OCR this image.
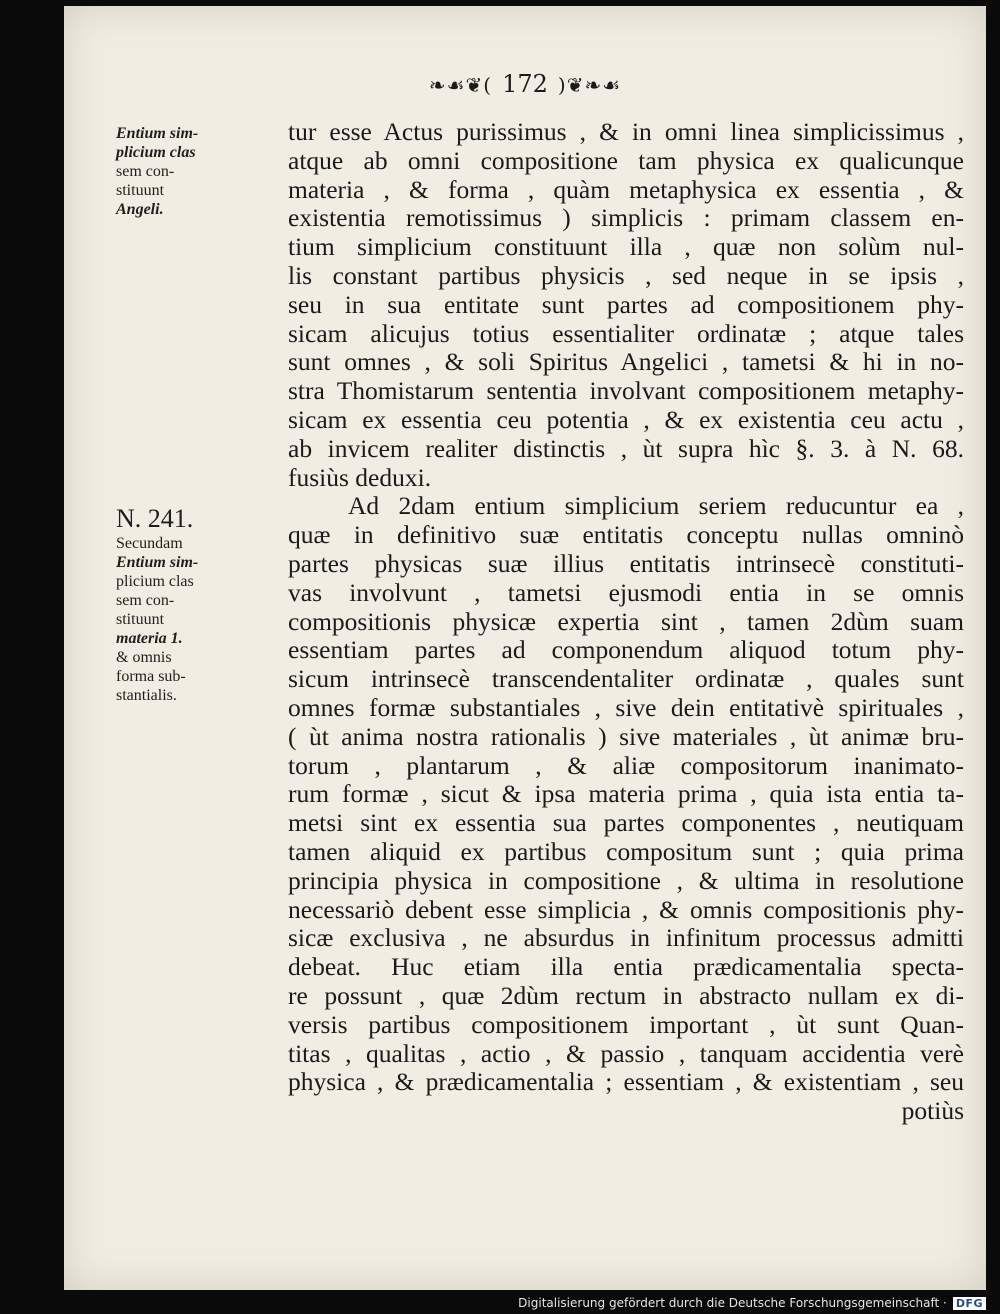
❧☙❦( 172 )❦❧☙
Entium sim-
plicium clas
sem con-
stituunt
Angeli.
N. 241.
Secundam
Entium sim-
plicium clas
sem con-
stituunt
materia 1.
& omnis
forma sub-
stantialis.
tur esse Actus purissimus , & in omni linea simplicissimus ,
atque ab omni compositione tam physica ex qualicunque
materia , & forma , quàm metaphysica ex essentia , &
existentia remotissimus ) simplicis : primam classem en-
tium simplicium constituunt illa , quæ non solùm nul-
lis constant partibus physicis , sed neque in se ipsis ,
seu in sua entitate sunt partes ad compositionem phy-
sicam alicujus totius essentialiter ordinatæ ; atque tales
sunt omnes , & soli Spiritus Angelici , tametsi & hi in no-
stra Thomistarum sententia involvant compositionem metaphy-
sicam ex essentia ceu potentia , & ex existentia ceu actu ,
ab invicem realiter distinctis , ùt supra hìc §. 3. à N. 68.
fusiùs deduxi.
Ad 2dam entium simplicium seriem reducuntur ea ,
quæ in definitivo suæ entitatis conceptu nullas omninò
partes physicas suæ illius entitatis intrinsecè constituti-
vas involvunt , tametsi ejusmodi entia in se omnis
compositionis physicæ expertia sint , tamen 2dùm suam
essentiam partes ad componendum aliquod totum phy-
sicum intrinsecè transcendentaliter ordinatæ , quales sunt
omnes formæ substantiales , sive dein entitativè spirituales ,
( ùt anima nostra rationalis ) sive materiales , ùt animæ bru-
torum , plantarum , & aliæ compositorum inanimato-
rum formæ , sicut & ipsa materia prima , quia ista entia ta-
metsi sint ex essentia sua partes componentes , neutiquam
tamen aliquid ex partibus compositum sunt ; quia prima
principia physica in compositione , & ultima in resolutione
necessariò debent esse simplicia , & omnis compositionis phy-
sicæ exclusiva , ne absurdus in infinitum processus admitti
debeat. Huc etiam illa entia prædicamentalia specta-
re possunt , quæ 2dùm rectum in abstracto nullam ex di-
versis partibus compositionem important , ùt sunt Quan-
titas , qualitas , actio , & passio , tanquam accidentia verè
physica , & prædicamentalia ; essentiam , & existentiam , seu
potiùs
Digitalisierung gefördert durch die Deutsche Forschungsgemeinschaft · DFG
